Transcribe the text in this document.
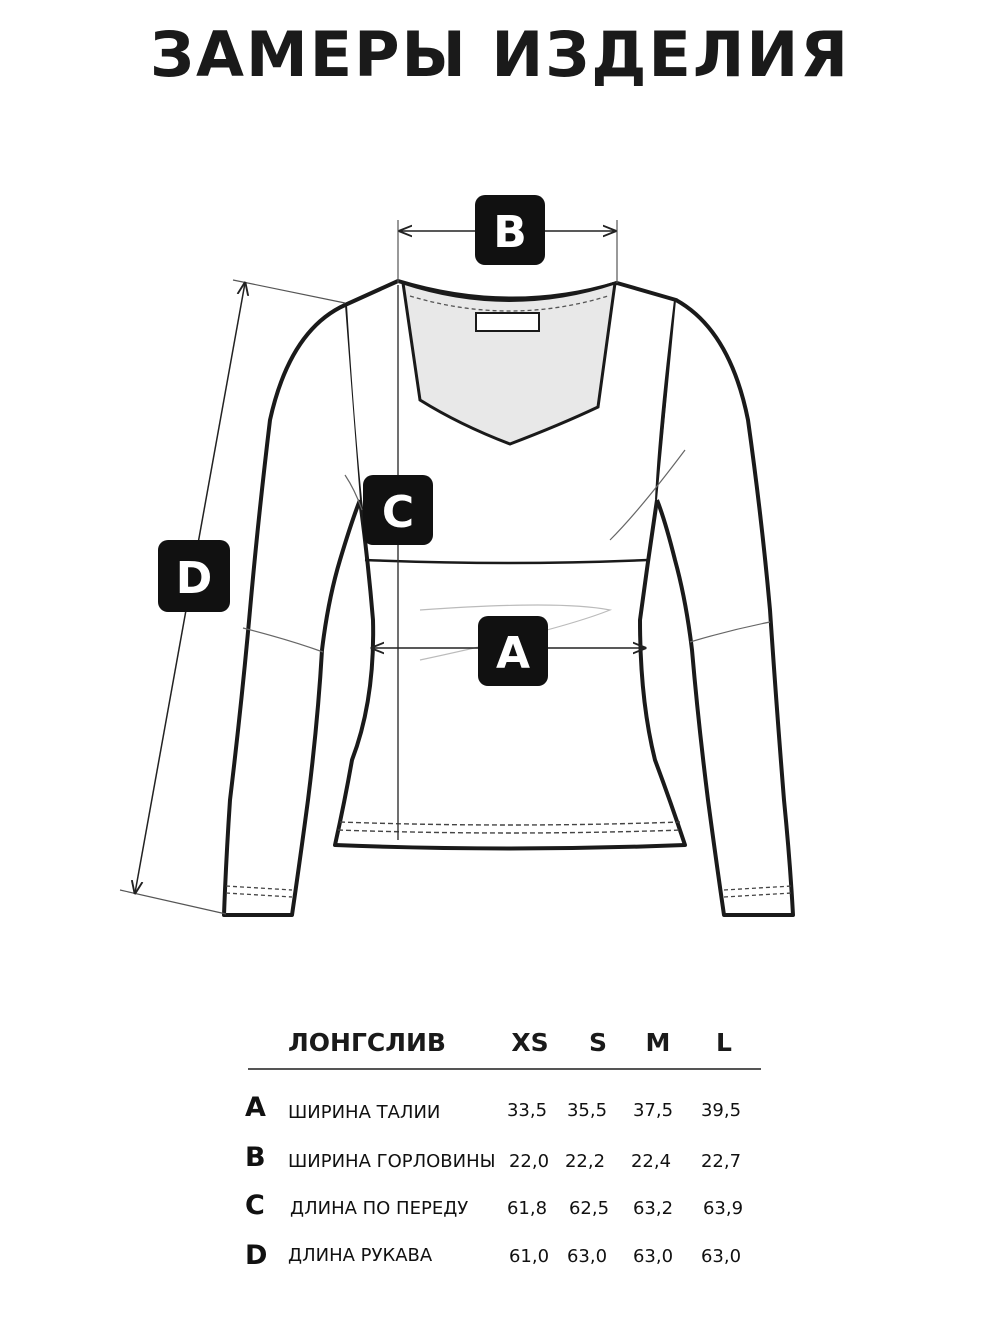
ЗАМЕРЫ ИЗДЕЛИЯ
B
C
A
D
ЛОНГСЛИВ	XS	S	M	L
A ШИРИНА ТАЛИИ	33,5	35,5	37,5	39,5
B ШИРИНА ГОРЛОВИНЫ 22,0 22,2	22,4	22,7
C ДЛИНА ПО ПЕРЕДУ	61,8	62,5	63,2	63,9
D ДЛИНА РУКАВА	61,0 63,0	63,0	63,0
